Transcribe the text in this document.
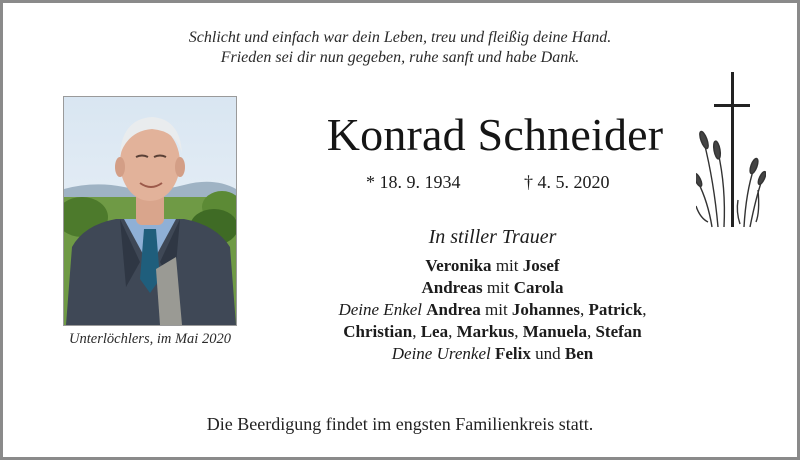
Schlicht und einfach war dein Leben, treu und fleißig deine Hand.
Frieden sei dir nun gegeben, ruhe sanft und habe Dank.
Unterlöchlers, im Mai 2020
Konrad Schneider
* 18. 9. 1934	† 4. 5. 2020
In stiller Trauer
Veronika mit Josef
Andreas mit Carola
Deine Enkel Andrea mit Johannes, Patrick,
Christian, Lea, Markus, Manuela, Stefan
Deine Urenkel Felix und Ben
Die Beerdigung findet im engsten Familienkreis statt.
